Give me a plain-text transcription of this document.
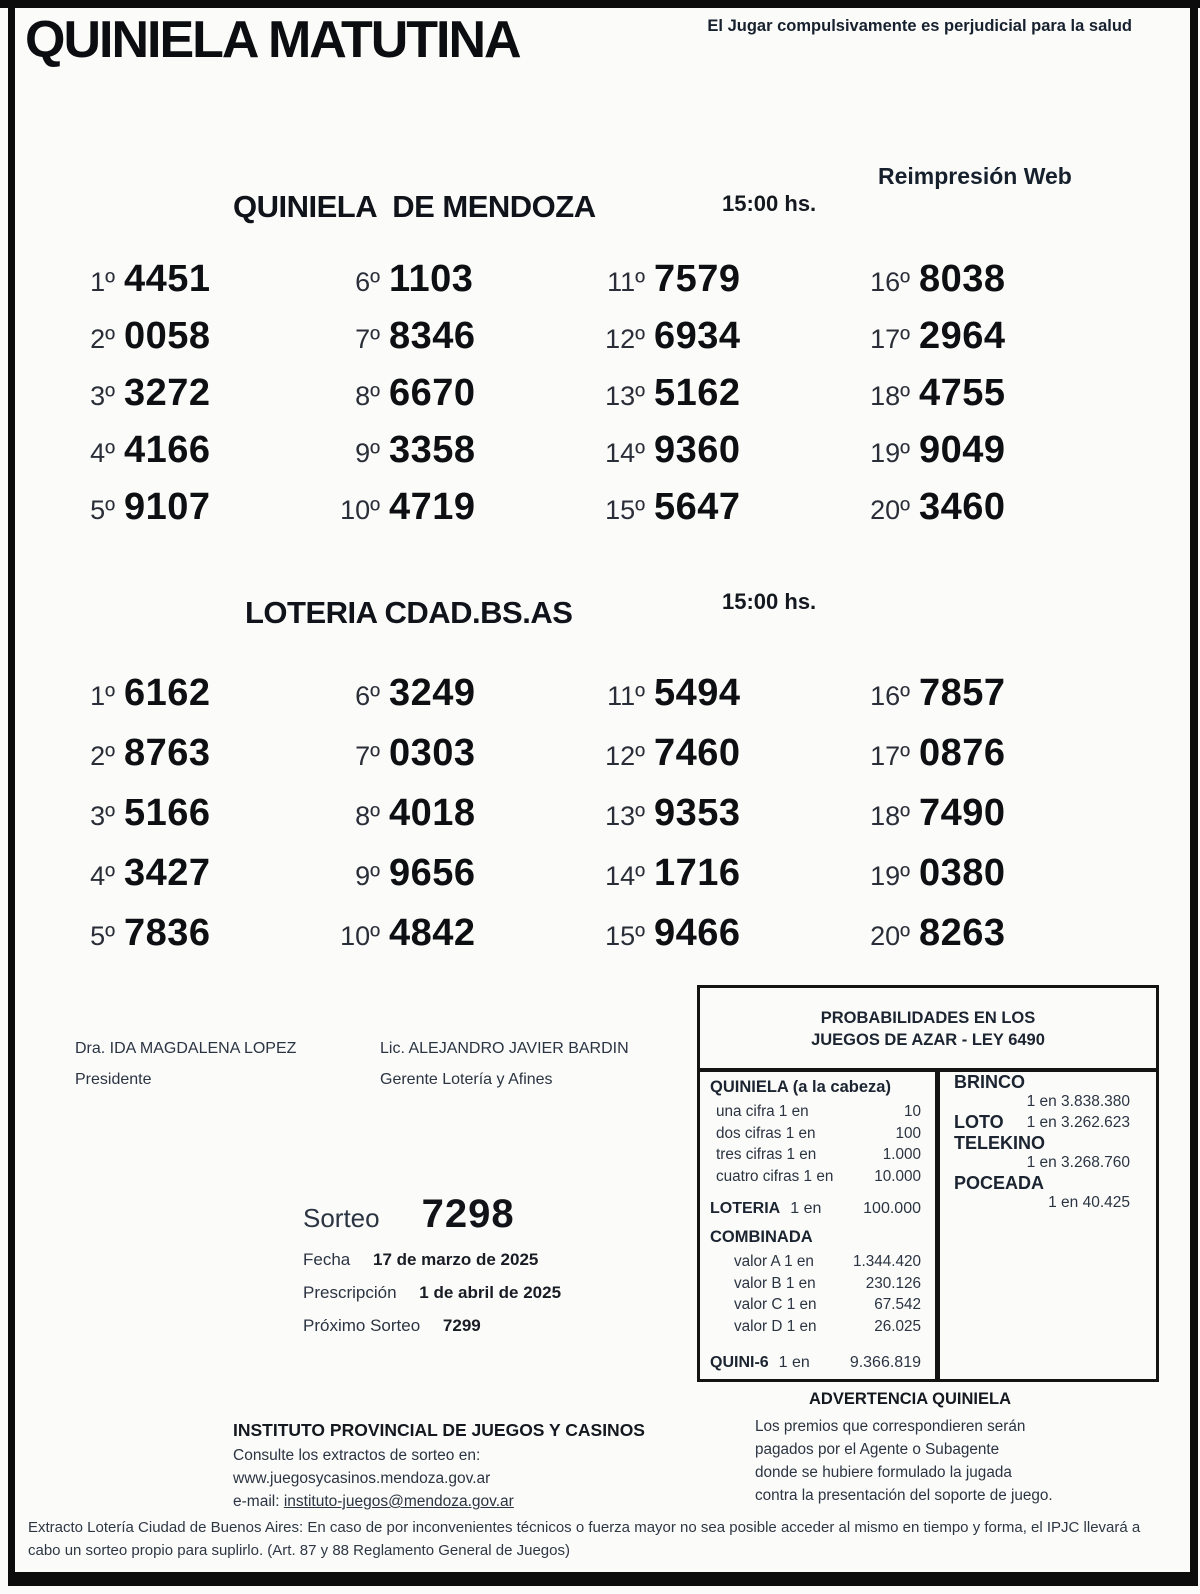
QUINIELA MATUTINA	El Jugar compulsivamente es perjudicial para la salud
Reimpresión Web
QUINIELA  DE MENDOZA	15:00 hs.
1º 4451
2º 0058
3º 3272
4º 4166
5º 9107
6º 1103
7º 8346
8º 6670
9º 3358
10º 4719
11º 7579
12º 6934
13º 5162
14º 9360
15º 5647
16º 8038
17º 2964
18º 4755
19º 9049
20º 3460
LOTERIA CDAD.BS.AS	15:00 hs.
1º 6162
2º 8763
3º 5166
4º 3427
5º 7836
6º 3249
7º 0303
8º 4018
9º 9656
10º 4842
11º 5494
12º 7460
13º 9353
14º 1716
15º 9466
16º 7857
17º 0876
18º 7490
19º 0380
20º 8263
Dra. IDA MAGDALENA LOPEZ
Presidente
Lic. ALEJANDRO JAVIER BARDIN
Gerente Lotería y Afines
PROBABILIDADES EN LOS
JUEGOS DE AZAR - LEY 6490
QUINIELA (a la cabeza)
una cifra 1 en	10
dos cifras 1 en	100
tres cifras 1 en	1.000
cuatro cifras 1 en	10.000
LOTERIA 1 en	100.000
COMBINADA
valor A 1 en	1.344.420
valor B 1 en	230.126
valor C 1 en	67.542
valor D 1 en	26.025
QUINI-6 1 en	9.366.819
BRINCO
1 en 3.838.380
LOTO 1 en 3.262.623
TELEKINO
1 en 3.268.760
POCEADA
1 en 40.425
Sorteo 7298
Fecha 17 de marzo de 2025
Prescripción 1 de abril de 2025
Próximo Sorteo 7299
INSTITUTO PROVINCIAL DE JUEGOS Y CASINOS
Consulte los extractos de sorteo en:
www.juegosycasinos.mendoza.gov.ar
e-mail: instituto-juegos@mendoza.gov.ar
ADVERTENCIA QUINIELA
Los premios que correspondieren serán
pagados por el Agente o Subagente
donde se hubiere formulado la jugada
contra la presentación del soporte de juego.
Extracto Lotería Ciudad de Buenos Aires: En caso de por inconvenientes técnicos o fuerza mayor no sea posible acceder al mismo en tiempo y forma, el IPJC llevará a cabo un sorteo propio para suplirlo. (Art. 87 y 88 Reglamento General de Juegos)
